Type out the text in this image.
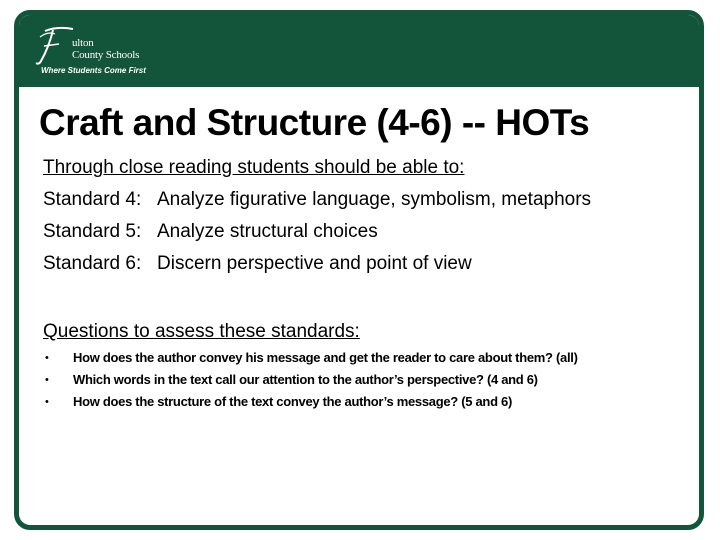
ulton
County Schools
Where Students Come First
Craft and Structure (4-6) -- HOTs
Through close reading students should be able to:
Standard 4: Analyze figurative language, symbolism, metaphors
Standard 5: Analyze structural choices
Standard 6: Discern perspective and point of view
Questions to assess these standards:
• How does the author convey his message and get the reader to care about them? (all)
• Which words in the text call our attention to the author’s perspective? (4 and 6)
• How does the structure of the text convey the author’s message? (5 and 6)
